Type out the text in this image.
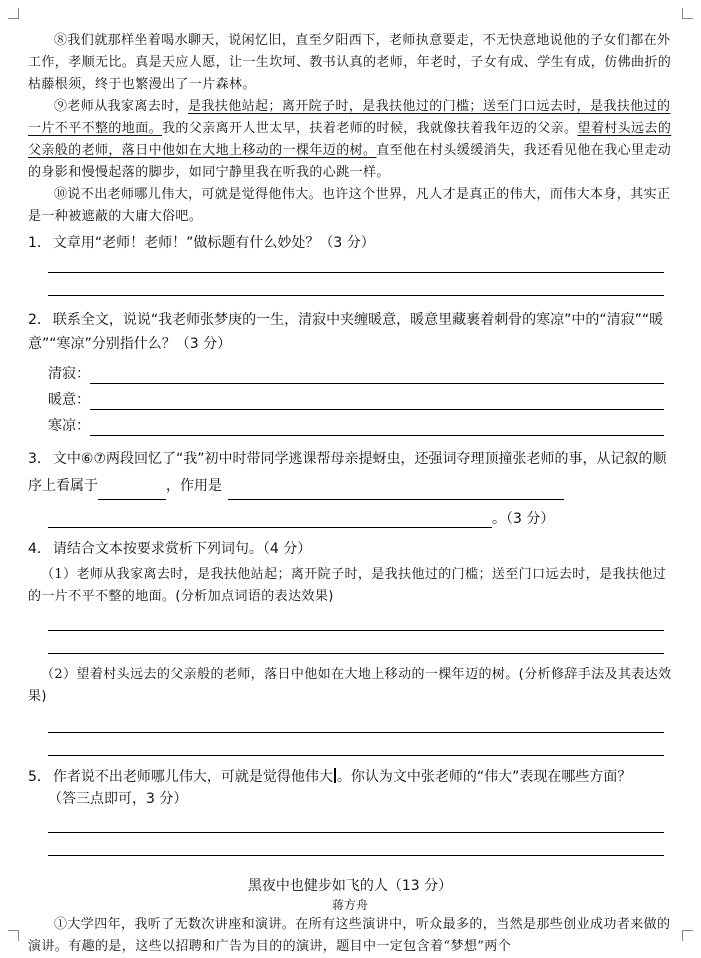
⑧我们就那样坐着喝水聊天，说闲忆旧，直至夕阳西下，老师执意要走，不无快意地说他的子女们都在外工作，孝顺无比。真是天应人愿，让一生坎坷、教书认真的老师，年老时，子女有成、学生有成，仿佛曲折的枯藤根须，终于也繁漫出了一片森林。

⑨老师从我家离去时，是我扶他站起；离开院子时，是我扶他过的门槛；送至门口远去时，是我扶他过的一片不平不整的地面。我的父亲离开人世太早，扶着老师的时候，我就像扶着我年迈的父亲。望着村头远去的父亲般的老师，落日中他如在大地上移动的一棵年迈的树。直至他在村头缓缓消失，我还看见他在我心里走动的身影和慢慢起落的脚步，如同宁静里我在听我的心跳一样。

⑩说不出老师哪儿伟大，可就是觉得他伟大。也许这个世界，凡人才是真正的伟大，而伟大本身，其实正是一种被遮蔽的大庸大俗吧。

1． 文章用“老师！老师！”做标题有什么妙处？（3 分）

2． 联系全文，说说“我老师张梦庚的一生，清寂中夹缠暖意，暖意里藏裹着刺骨的寒凉”中的“清寂”“暖意”“寒凉”分别指什么？（3 分）

清寂：
暖意：
寒凉：

3． 文中⑥⑦两段回忆了“我”初中时带同学逃课帮母亲提蚜虫，还强词夺理顶撞张老师的事，从记叙的顺序上看属于	，作用是

。（3 分）

4． 请结合文本按要求赏析下列词句。（4 分）

（1）老师从我家离去时，是我扶他站起；离开院子时，是我扶他过的门槛；送至门口远去时，是我扶他过的一片不平不整的地面。(分析加点词语的表达效果)

（2）望着村头远去的父亲般的老师，落日中他如在大地上移动的一棵年迈的树。(分析修辞手法及其表达效果)

5． 作者说不出老师哪儿伟大，可就是觉得他伟大 。你认为文中张老师的“伟大”表现在哪些方面？

（答三点即可，3 分）

黑夜中也健步如飞的人（13 分）

蒋方舟

①大学四年，我听了无数次讲座和演讲。在所有这些演讲中，听众最多的，当然是那些创业成功者来做的演讲。有趣的是，这些以招聘和广告为目的的演讲，题目中一定包含着“梦想”两个
